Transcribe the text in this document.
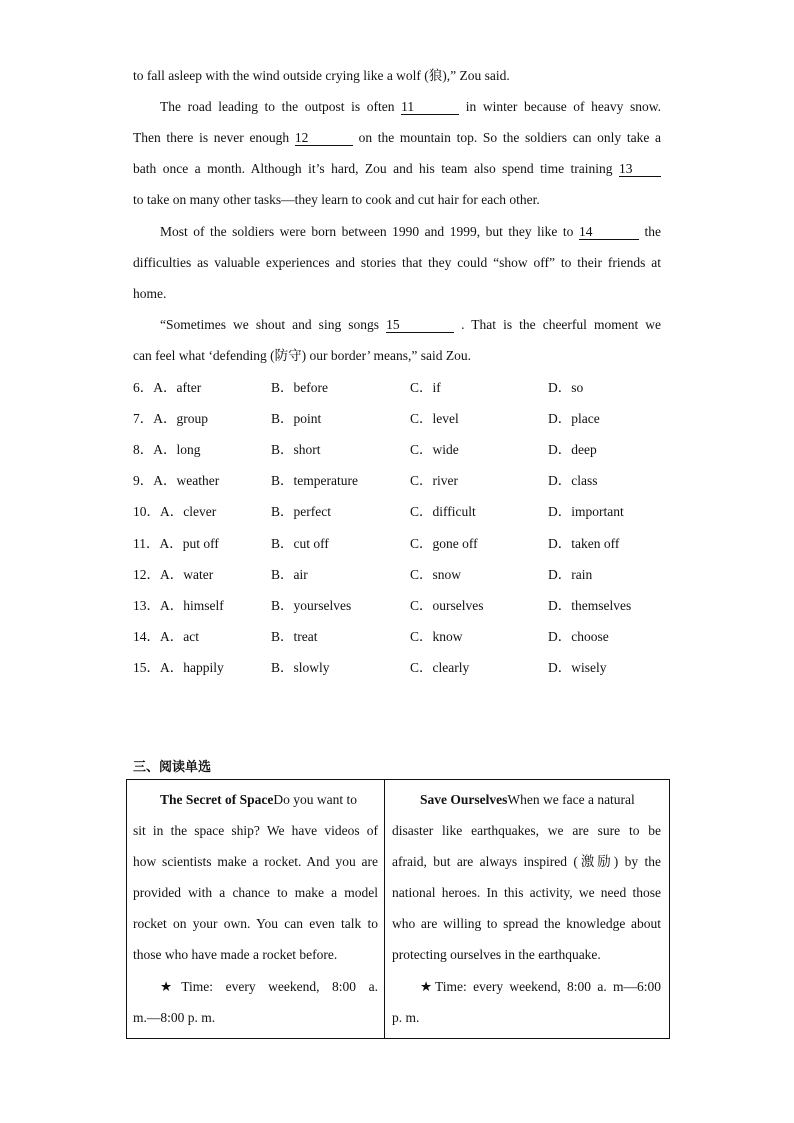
to fall asleep with the wind outside crying like a wolf (狼),” Zou said.
The road leading to the outpost is often 11	in winter because of heavy snow.
Then there is never enough 12	on the mountain top. So the soldiers can only take a
bath once a month. Although it’s hard, Zou and his team also spend time training 13
to take on many other tasks—they learn to cook and cut hair for each other.
Most of the soldiers were born between 1990 and 1999, but they like to 14	the
difficulties as valuable experiences and stories that they could “show off” to their friends at
home.
“Sometimes we shout and sing songs 15	. That is the cheerful moment we
can feel what ‘defending (防守) our border’ means,” said Zou.
6．A．after	B．before	C．if	D．so
7．A．group	B．point	C．level	D．place
8．A．long	B．short	C．wide	D．deep
9．A．weather	B．temperature	C．river	D．class
10．A．clever	B．perfect	C．difficult	D．important
11．A．put off	B．cut off	C．gone off	D．taken off
12．A．water	B．air	C．snow	D．rain
13．A．himself	B．yourselves	C．ourselves	D．themselves
14．A．act	B．treat	C．know	D．choose
15．A．happily	B．slowly	C．clearly	D．wisely
三、阅读单选
The Secret of SpaceDo you want to
sit in the space ship? We have videos of
how scientists make a rocket. And you are
provided with a chance to make a model
rocket on your own. You can even talk to
those who have made a rocket before.
★Time: every weekend, 8:00 a.
m.—8:00 p. m.

Save OurselvesWhen we face a natural
disaster like earthquakes, we are sure to be
afraid, but are always inspired (激励) by the
national heroes. In this activity, we need those
who are willing to spread the knowledge about
protecting ourselves in the earthquake.
★Time: every weekend, 8:00 a. m—6:00
p. m.
